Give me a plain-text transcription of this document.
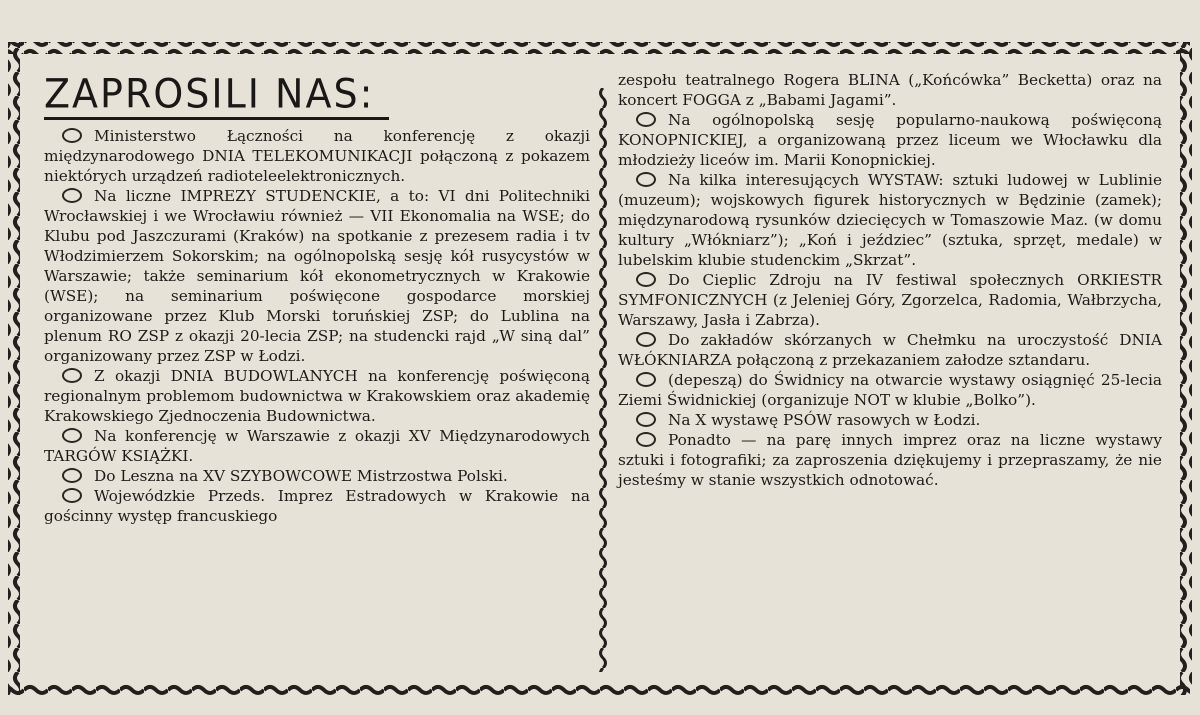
ZAPROSILI NAS:

Ministerstwo Łączności na konferencję z okazji międzynarodowego DNIA TELEKOMUNIKACJI połączoną z pokazem niektórych urządzeń radioteleelektronicznych.

Na liczne IMPREZY STUDENCKIE, a to: VI dni Politechniki Wrocławskiej i we Wrocławiu również — VII Ekonomalia na WSE; do Klubu pod Jaszczurami (Kraków) na spotkanie z prezesem radia i tv Włodzimierzem Sokorskim; na ogólnopolską sesję kół rusycystów w Warszawie; także seminarium kół ekonometrycznych w Krakowie (WSE); na seminarium poświęcone gospodarce morskiej organizowane przez Klub Morski toruńskiej ZSP; do Lublina na plenum RO ZSP z okazji 20-lecia ZSP; na studencki rajd „W siną dal” organizowany przez ZSP w Łodzi.

Z okazji DNIA BUDOWLANYCH na konferencję poświęconą regionalnym problemom budownictwa w Krakowskiem oraz akademię Krakowskiego Zjednoczenia Budownictwa.

Na konferencję w Warszawie z okazji XV Międzynarodowych TARGÓW KSIĄŻKI.

Do Leszna na XV SZYBOWCOWE Mistrzostwa Polski.

Wojewódzkie Przeds. Imprez Estradowych w Krakowie na gościnny występ francuskiego

zespołu teatralnego Rogera BLINA („Końcówka” Becketta) oraz na koncert FOGGA z „Babami Jagami”.

Na ogólnopolską sesję popularno-naukową poświęconą KONOPNICKIEJ, a organizowaną przez liceum we Włocławku dla młodzieży liceów im. Marii Konopnickiej.

Na kilka interesujących WYSTAW: sztuki ludowej w Lublinie (muzeum); wojskowych figurek historycznych w Będzinie (zamek); międzynarodową rysunków dziecięcych w Tomaszowie Maz. (w domu kultury „Włókniarz”); „Koń i jeździec” (sztuka, sprzęt, medale) w lubelskim klubie studenckim „Skrzat”.

Do Cieplic Zdroju na IV festiwal społecznych ORKIESTR SYMFONICZNYCH (z Jeleniej Góry, Zgorzelca, Radomia, Wałbrzycha, Warszawy, Jasła i Zabrza).

Do zakładów skórzanych w Chełmku na uroczystość DNIA WŁÓKNIARZA połączoną z przekazaniem załodze sztandaru.

(depeszą) do Świdnicy na otwarcie wystawy osiągnięć 25-lecia Ziemi Świdnickiej (organizuje NOT w klubie „Bolko”).

Na X wystawę PSÓW rasowych w Łodzi.

Ponadto — na parę innych imprez oraz na liczne wystawy sztuki i fotografiki; za zaproszenia dziękujemy i przepraszamy, że nie jesteśmy w stanie wszystkich odnotować.
